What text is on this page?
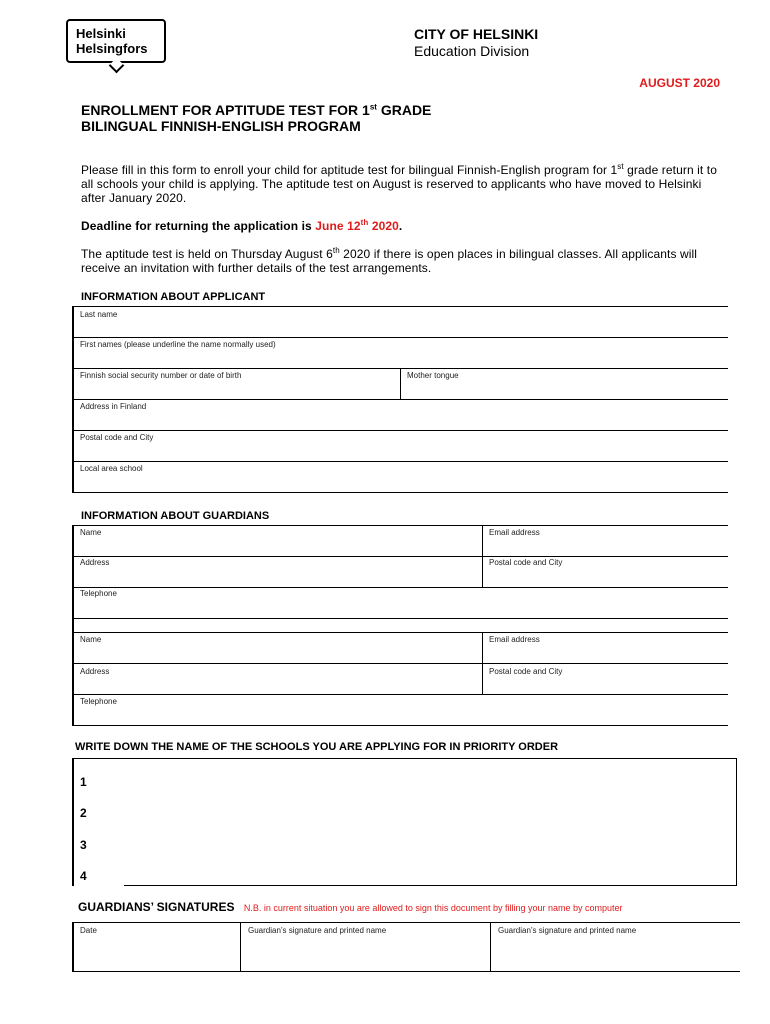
Helsinki
Helsingfors
CITY OF HELSINKI
Education Division
AUGUST 2020
ENROLLMENT FOR APTITUDE TEST FOR 1st GRADE
BILINGUAL FINNISH-ENGLISH PROGRAM
Please fill in this form to enroll your child for aptitude test for bilingual Finnish-English program for 1st grade return it to all schools your child is applying. The aptitude test on August is reserved to applicants who have moved to Helsinki after January 2020.
Deadline for returning the application is June 12th 2020.
The aptitude test is held on Thursday August 6th 2020 if there is open places in bilingual classes. All applicants will receive an invitation with further details of the test arrangements.
INFORMATION ABOUT APPLICANT
Last name
First names (please underline the name normally used)
Finnish social security number or date of birth	Mother tongue
Address in Finland
Postal code and City
Local area school
INFORMATION ABOUT GUARDIANS
Name	Email address
Address	Postal code and City
Telephone
Name	Email address
Address	Postal code and City
Telephone
WRITE DOWN THE NAME OF THE SCHOOLS YOU ARE APPLYING FOR IN PRIORITY ORDER
1
2
3
4
GUARDIANS’ SIGNATURES N.B. in current situation you are allowed to sign this document by filling your name by computer
Date	Guardian’s signature and printed name	Guardian’s signature and printed name
